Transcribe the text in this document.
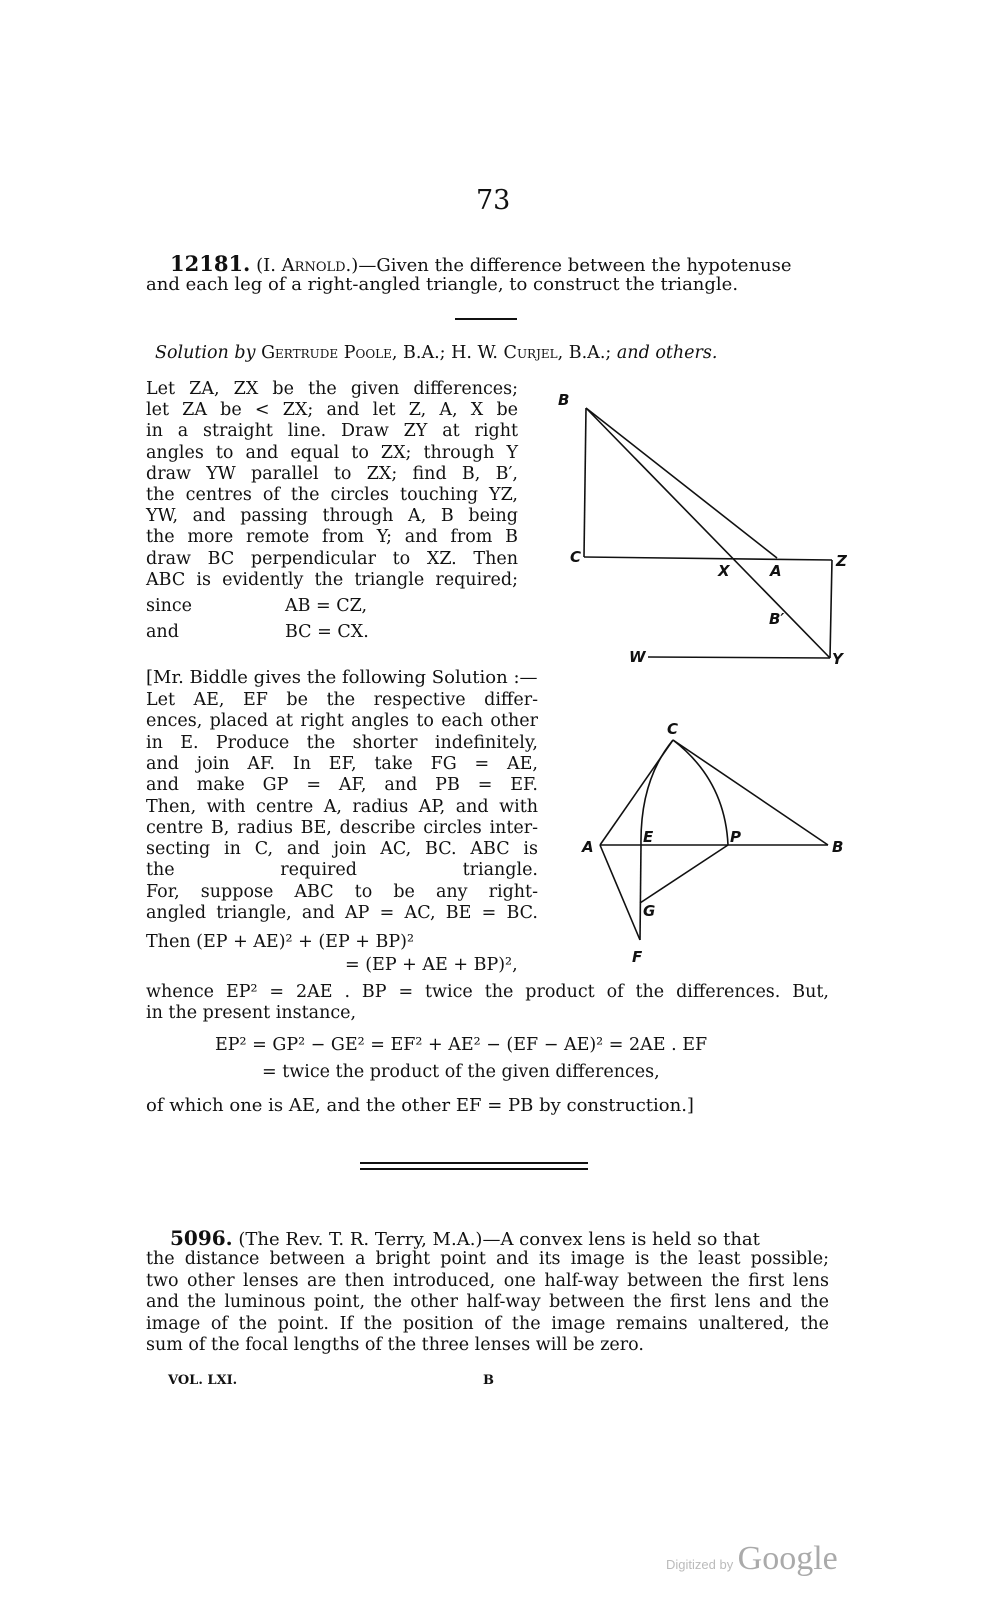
73
12181. (I. Arnold.)—Given the difference between the hypotenuse
and each leg of a right-angled triangle, to construct the triangle.
Solution by Gertrude Poole, B.A.; H. W. Curjel, B.A.; and others.
Let ZA, ZX be the given differences;
let ZA be < ZX; and let Z, A, X be
in a straight line. Draw ZY at right
angles to and equal to ZX; through Y
draw YW parallel to ZX; find B, B′,
the centres of the circles touching YZ,
YW, and passing through A, B being
the more remote from Y; and from B
draw BC perpendicular to XZ. Then
ABC is evidently the triangle required;
since	AB = CZ,
and	BC = CX.
B
C	Z
X	A
B′
W	Y
C
A
E	P
B
G
F
[Mr. Biddle gives the following Solution :—
Let AE, EF be the respective differ-
ences, placed at right angles to each other
in E. Produce the shorter indefinitely,
and join AF. In EF, take FG = AE,
and make GP = AF, and PB = EF.
Then, with centre A, radius AP, and with
centre B, radius BE, describe circles inter-
secting in C, and join AC, BC. ABC is
the required triangle.
For, suppose ABC to be any right-
angled triangle, and AP = AC, BE = BC.
Then (EP + AE)² + (EP + BP)²
= (EP + AE + BP)²,
whence EP² = 2AE . BP = twice the product of the differences. But,
in the present instance,
EP² = GP² − GE² = EF² + AE² − (EF − AE)² = 2AE . EF
= twice the product of the given differences,
of which one is AE, and the other EF = PB by construction.]
5096. (The Rev. T. R. Terry, M.A.)—A convex lens is held so that
the distance between a bright point and its image is the least possible;
two other lenses are then introduced, one half-way between the first lens
and the luminous point, the other half-way between the first lens and the
image of the point. If the position of the image remains unaltered, the
sum of the focal lengths of the three lenses will be zero.
VOL. LXI.	B
Digitized by Google
